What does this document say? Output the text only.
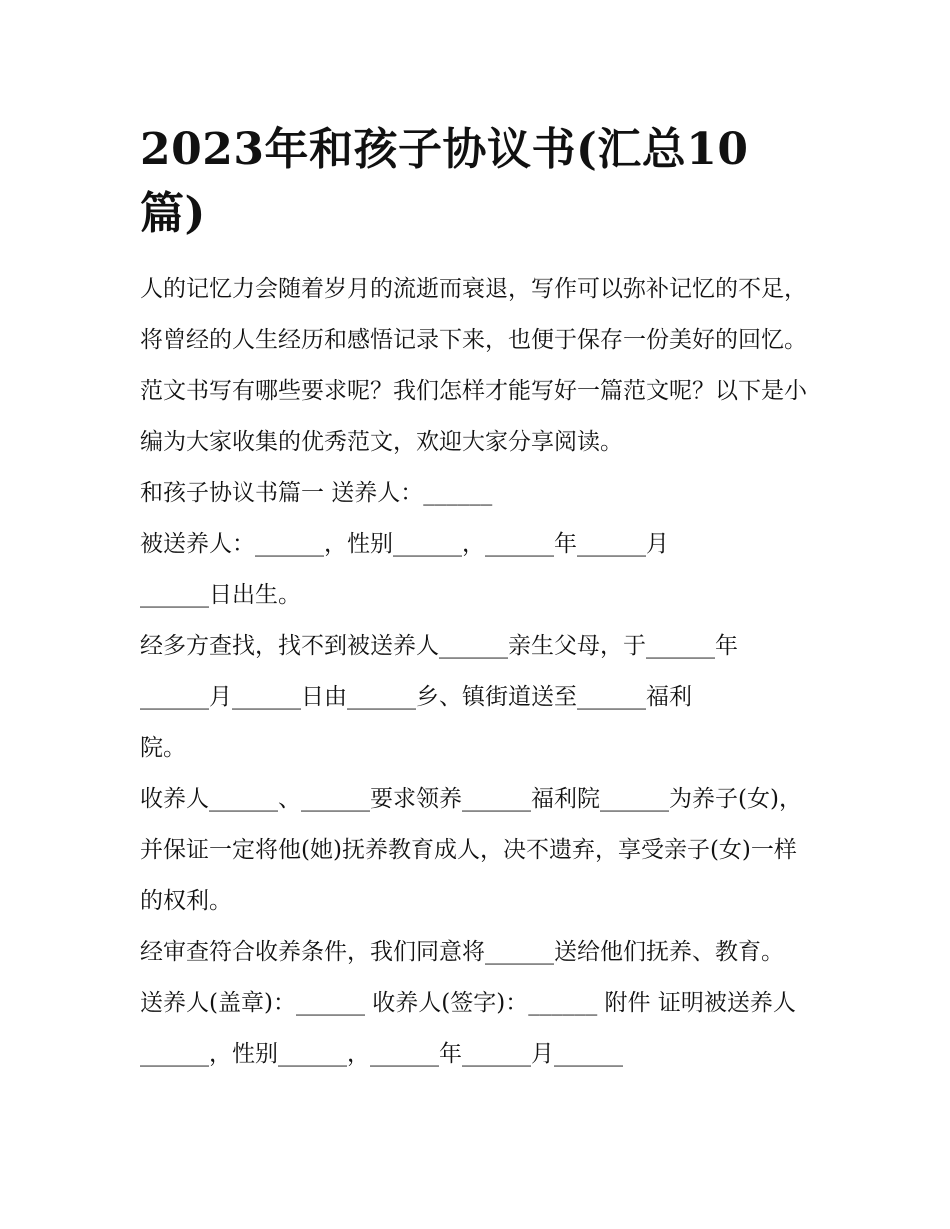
2023年和孩子协议书(汇总10篇)

人的记忆力会随着岁月的流逝而衰退，写作可以弥补记忆的不足，将曾经的人生经历和感悟记录下来，也便于保存一份美好的回忆。范文书写有哪些要求呢？我们怎样才能写好一篇范文呢？以下是小编为大家收集的优秀范文，欢迎大家分享阅读。

和孩子协议书篇一 送养人：______

被送养人：______，性别______，______年______月
______日出生。

经多方查找，找不到被送养人______亲生父母，于______年
______月______日由______乡、镇街道送至______福利
院。

收养人______、______要求领养______福利院______为养子(女)，并保证一定将他(她)抚养教育成人，决不遗弃，享受亲子(女)一样的权利。

经审查符合收养条件，我们同意将______送给他们抚养、教育。 送养人(盖章)：______ 收养人(签字)：______ 附件 证明被送养人______，性别______，______年______月______
